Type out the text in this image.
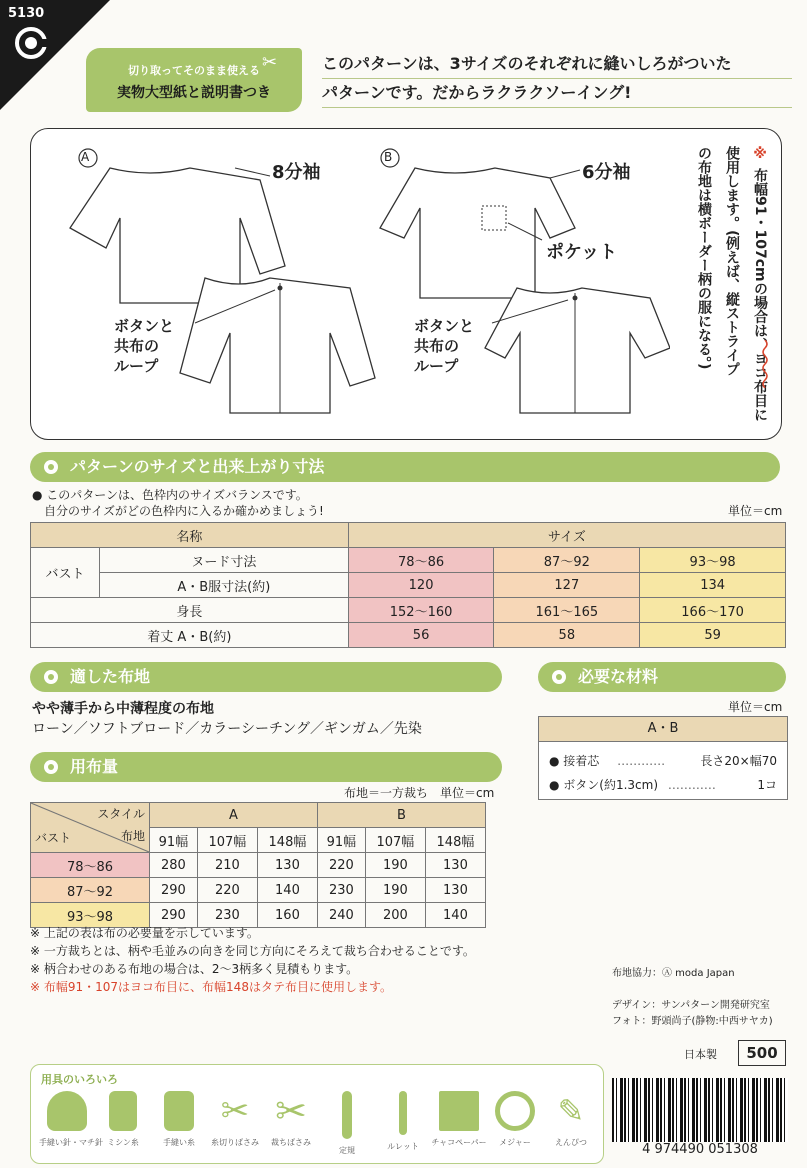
5130
切り取ってそのまま使える
実物大型紙と説明書つき
✂	このパターンは、3サイズのそれぞれに縫いしろがついた
パターンです。だからラクラクソーイング!
A
8分袖
ボタンと
共布の
ループ
B
6分袖
ポケット
ボタンと
共布の
ループ
※
布幅91・107cmの場合は、ヨコ布目に
使用します。(例えば、縦ストライプ
の布地は横ボーダー柄の服になる。)
パターンのサイズと出来上がり寸法
● このパターンは、色枠内のサイズバランスです。
自分のサイズがどの色枠内に入るか確かめましょう!	単位＝cm
名称		サイズ		
バスト	ヌード寸法	78～86	87～92	93～98
	A・B服寸法(約)	120	127	134
身長		152～160	161～165	166～170
着丈 A・B(約)		56	58	59
適した布地
やや薄手から中薄程度の布地
ローン／ソフトブロード／カラーシーチング／ギンガム／先染
必要な材料
単位＝cm
A・B
● 接着芯 …………	長さ20×幅70
● ボタン(約1.3cm) …………	1コ
用布量
布地＝一方裁ち　単位＝cm
スタイル
布地
バスト	A			B		
	91幅	107幅	148幅	91幅	107幅	148幅
78～86	280	210	130	220	190	130
87～92	290	220	140	230	190	130
93～98	290	230	160	240	200	140
※ 上記の表は布の必要量を示しています。
※ 一方裁ちとは、柄や毛並みの向きを同じ方向にそろえて裁ち合わせることです。
※ 柄合わせのある布地の場合は、2～3柄多く見積もります。
※ 布幅91・107はヨコ布目に、布幅148はタテ布目に使用します。
布地協力：Ⓐ moda Japan
デザイン：サンパターン開発研究室
フォト：野頭尚子(静物:中西サヤカ)
日本製	500
用具のいろいろ
手縫い針・マチ針 ミシン糸	手縫い糸
✂
糸切りばさみ
✂
裁ちばさみ
定規	ルレット	チャコペーパー	メジャー
✎
えんぴつ	4 974490 051308
